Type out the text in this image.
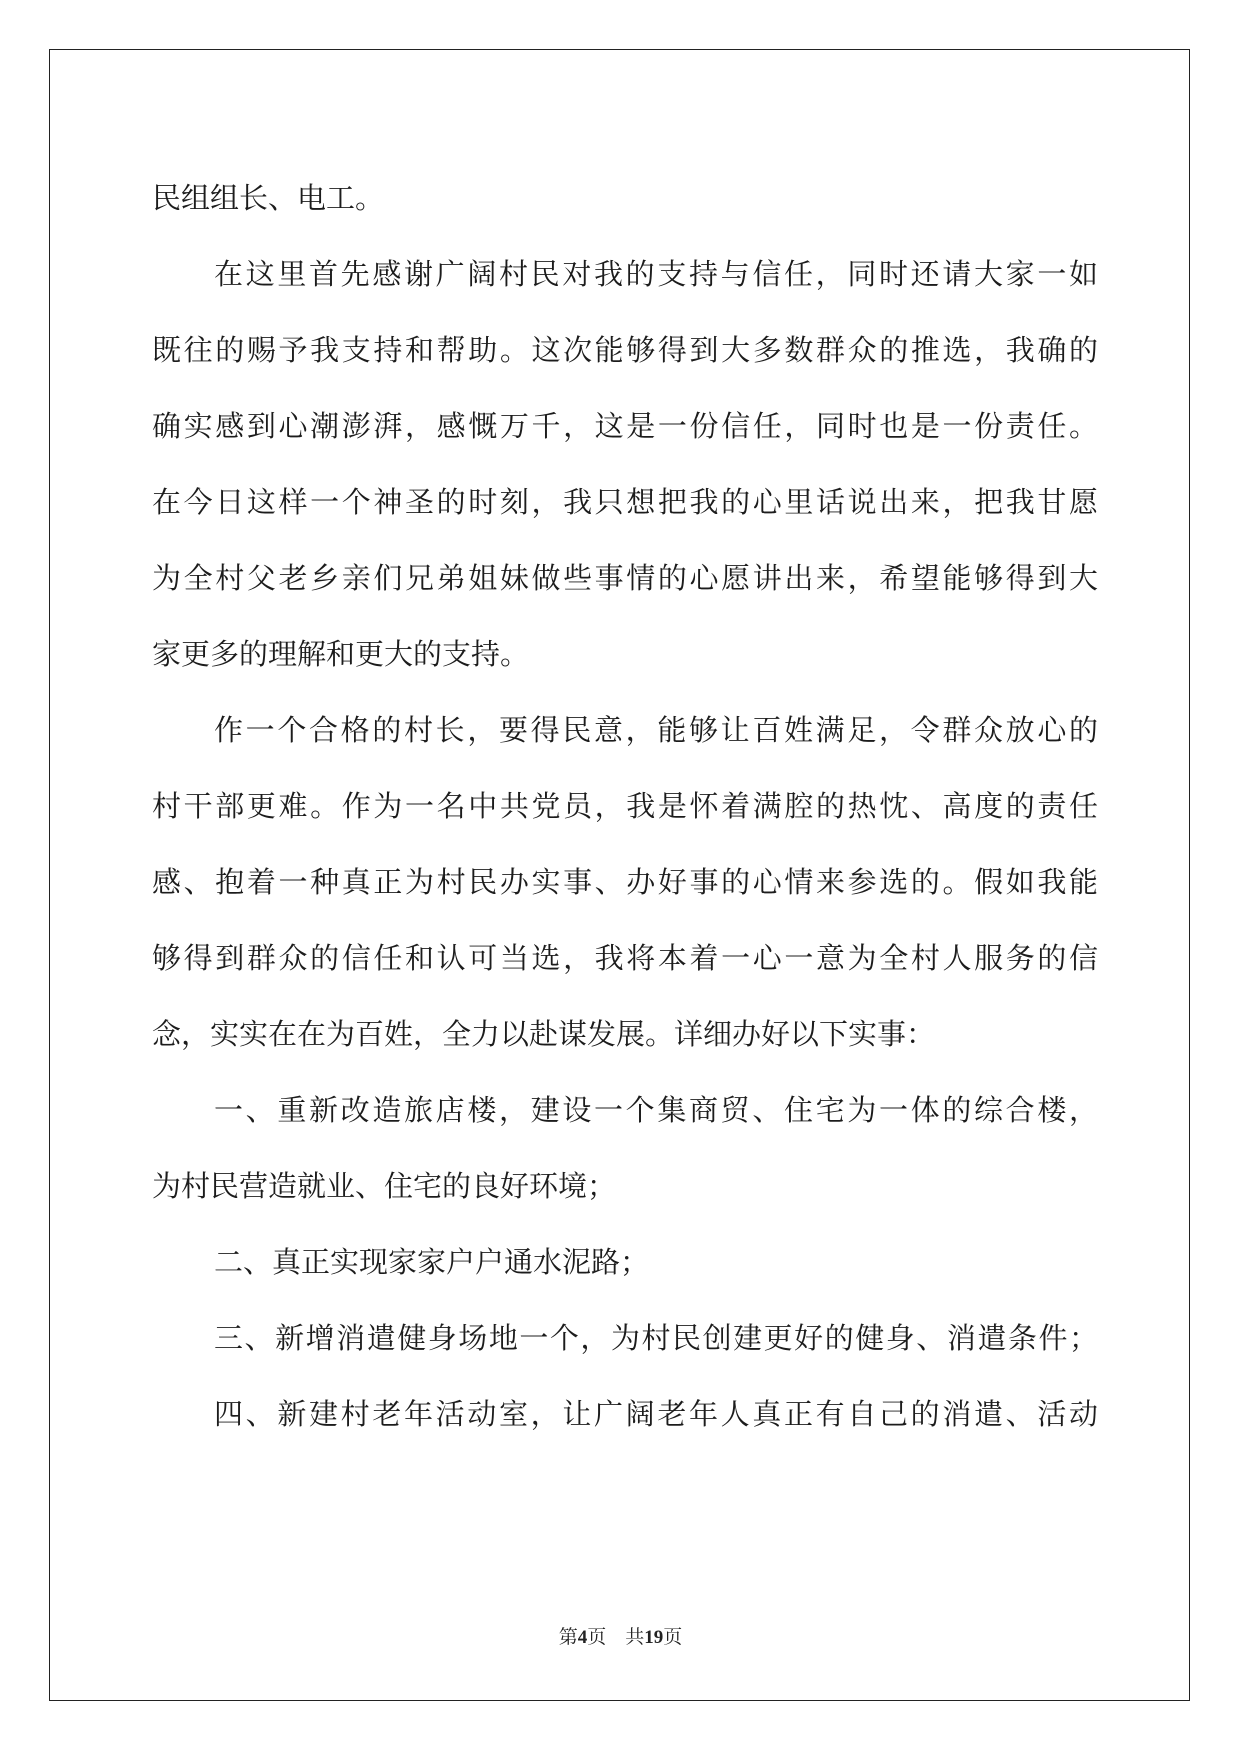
民组组长、电工。
在这里首先感谢广阔村民对我的支持与信任，同时还请大家一如
既往的赐予我支持和帮助。这次能够得到大多数群众的推选，我确的
确实感到心潮澎湃，感慨万千，这是一份信任，同时也是一份责任。
在今日这样一个神圣的时刻，我只想把我的心里话说出来，把我甘愿
为全村父老乡亲们兄弟姐妹做些事情的心愿讲出来，希望能够得到大
家更多的理解和更大的支持。
作一个合格的村长，要得民意，能够让百姓满足，令群众放心的
村干部更难。作为一名中共党员，我是怀着满腔的热忱、高度的责任
感、抱着一种真正为村民办实事、办好事的心情来参选的。假如我能
够得到群众的信任和认可当选，我将本着一心一意为全村人服务的信
念，实实在在为百姓，全力以赴谋发展。详细办好以下实事：
一、重新改造旅店楼，建设一个集商贸、住宅为一体的综合楼，
为村民营造就业、住宅的良好环境；
二、真正实现家家户户通水泥路；
三、新增消遣健身场地一个，为村民创建更好的健身、消遣条件；
四、新建村老年活动室，让广阔老年人真正有自己的消遣、活动
第4页 共19页
